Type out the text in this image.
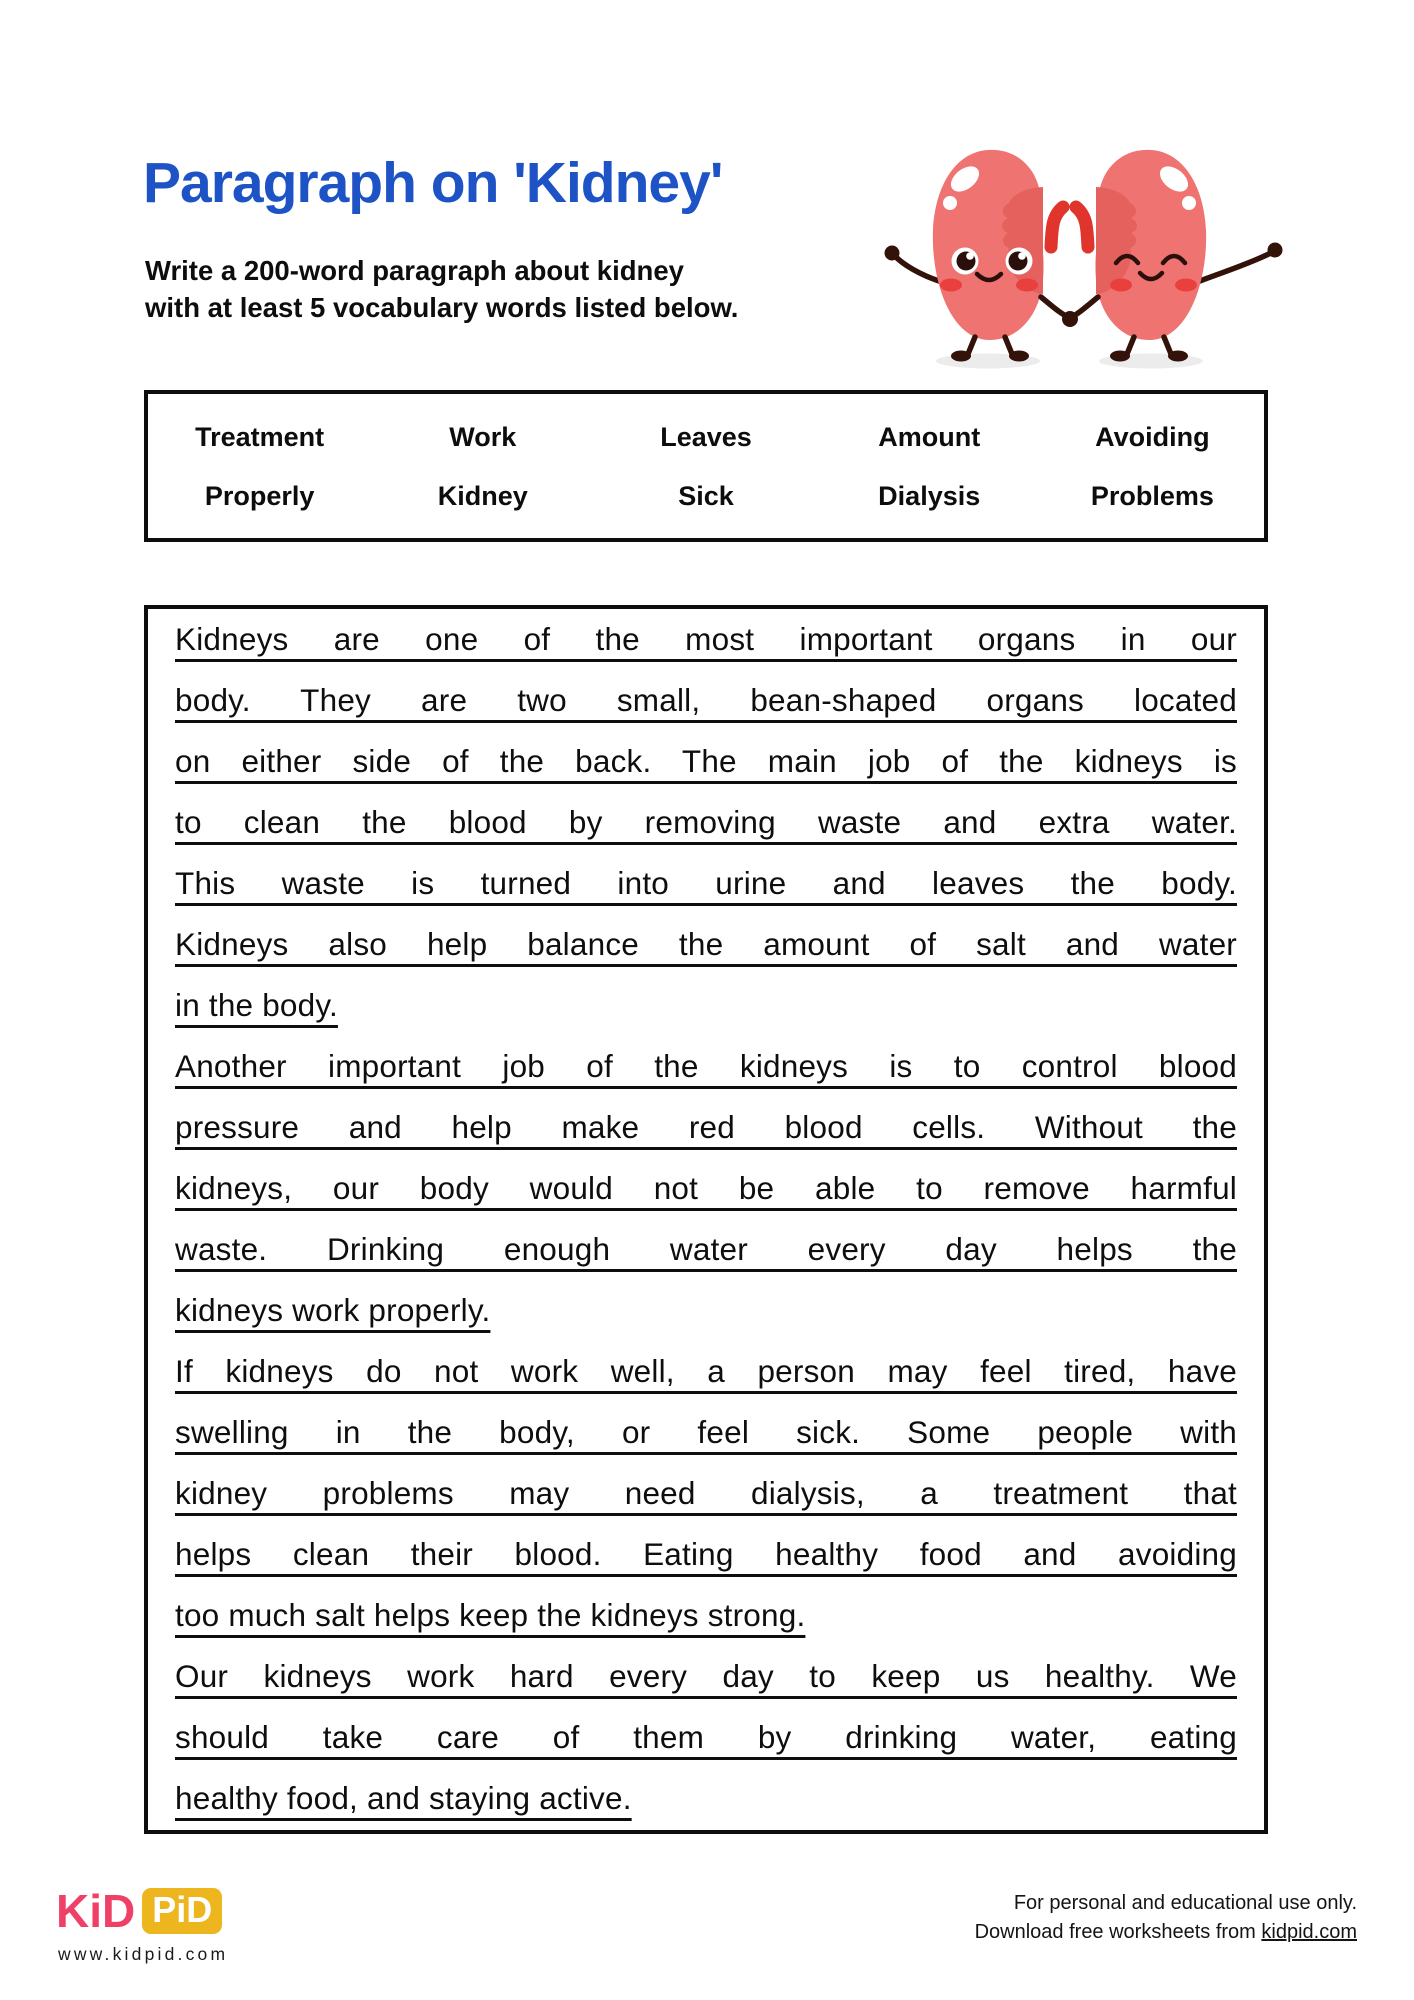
Paragraph on 'Kidney'
Write a 200-word paragraph about kidney
with at least 5 vocabulary words listed below.
Treatment	Work	Leaves	Amount	Avoiding
Properly	Kidney	Sick	Dialysis	Problems
Kidneys are one of the most important organs in our
body. They are two small, bean-shaped organs located
on either side of the back. The main job of the kidneys is
to clean the blood by removing waste and extra water.
This waste is turned into urine and leaves the body.
Kidneys also help balance the amount of salt and water
in the body.
Another important job of the kidneys is to control blood
pressure and help make red blood cells. Without the
kidneys, our body would not be able to remove harmful
waste. Drinking enough water every day helps the
kidneys work properly.
If kidneys do not work well, a person may feel tired, have
swelling in the body, or feel sick. Some people with
kidney problems may need dialysis, a treatment that
helps clean their blood. Eating healthy food and avoiding
too much salt helps keep the kidneys strong.
Our kidneys work hard every day to keep us healthy. We
should take care of them by drinking water, eating
healthy food, and staying active.
KiD PiD
www.kidpid.com
For personal and educational use only.
Download free worksheets from kidpid.com
